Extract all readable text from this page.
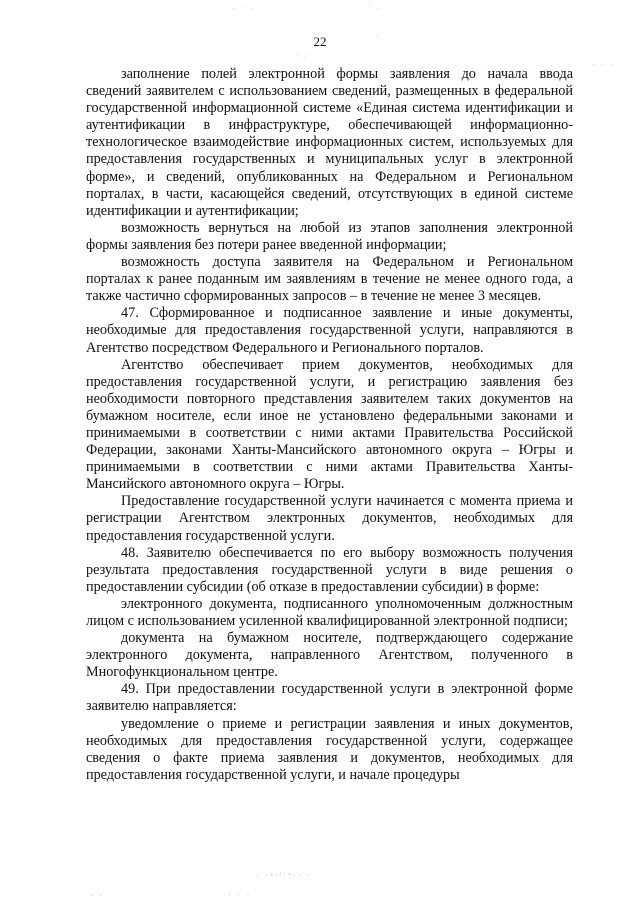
· ˙ ·	˙ ·
·..·
·
· · ·
22

заполнение полей электронной формы заявления до начала ввода сведений заявителем с использованием сведений, размещенных в федеральной государственной информационной системе «Единая система идентификации и аутентификации в инфраструктуре, обеспечивающей информационно-технологическое взаимодействие информационных систем, используемых для предоставления государственных и муниципальных услуг в электронной форме», и сведений, опубликованных на Федеральном и Региональном порталах, в части, касающейся сведений, отсутствующих в единой системе идентификации и аутентификации;

возможность вернуться на любой из этапов заполнения электронной формы заявления без потери ранее введенной информации;

возможность доступа заявителя на Федеральном и Региональном порталах к ранее поданным им заявлениям в течение не менее одного года, а также частично сформированных запросов – в течение не менее 3 месяцев.

47. Сформированное и подписанное заявление и иные документы, необходимые для предоставления государственной услуги, направляются в Агентство посредством Федерального и Регионального порталов.

Агентство обеспечивает прием документов, необходимых для предоставления государственной услуги, и регистрацию заявления без необходимости повторного представления заявителем таких документов на бумажном носителе, если иное не установлено федеральными законами и принимаемыми в соответствии с ними актами Правительства Российской Федерации, законами Ханты-Мансийского автономного округа – Югры и принимаемыми в соответствии с ними актами Правительства Ханты-Мансийского автономного округа – Югры.

Предоставление государственной услуги начинается с момента приема и регистрации Агентством электронных документов, необходимых для предоставления государственной услуги.

48. Заявителю обеспечивается по его выбору возможность получения результата предоставления государственной услуги в виде решения о предоставлении субсидии (об отказе в предоставлении субсидии) в форме:

электронного документа, подписанного уполномоченным должностным лицом с использованием усиленной квалифицированной электронной подписи;

документа на бумажном носителе, подтверждающего содержание электронного документа, направленного Агентством, полученного в Многофункциональном центре.

49. При предоставлении государственной услуги в электронной форме заявителю направляется:

уведомление о приеме и регистрации заявления и иных документов, необходимых для предоставления государственной услуги, содержащее сведения о факте приема заявления и документов, необходимых для предоставления государственной услуги, и начале процедуры

· ·ᵃ·ˡ·ᵒ·· ·
· ·	· · ·
